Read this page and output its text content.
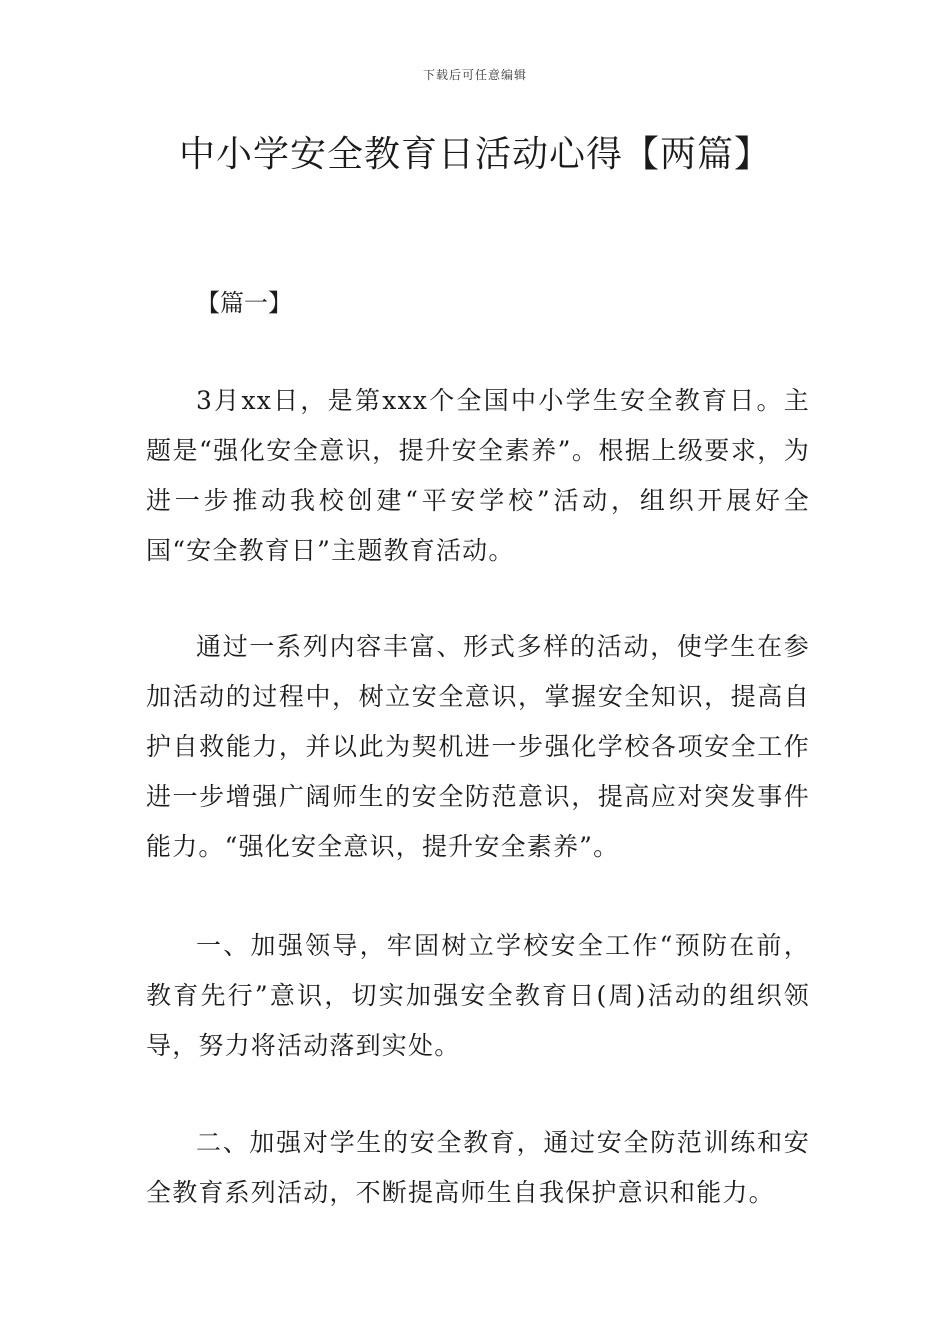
下载后可任意编辑
中小学安全教育日活动心得【两篇】
【篇一】

3月xx日，是第xxx个全国中小学生安全教育日。主题是“强化安全意识，提升安全素养”。根据上级要求，为进一步推动我校创建“平安学校”活动，组织开展好全国“安全教育日”主题教育活动。

通过一系列内容丰富、形式多样的活动，使学生在参加活动的过程中，树立安全意识，掌握安全知识，提高自护自救能力，并以此为契机进一步强化学校各项安全工作进一步增强广阔师生的安全防范意识，提高应对突发事件能力。“强化安全意识，提升安全素养”。

一、加强领导，牢固树立学校安全工作“预防在前，教育先行”意识，切实加强安全教育日(周)活动的组织领导，努力将活动落到实处。

二、加强对学生的安全教育，通过安全防范训练和安全教育系列活动，不断提高师生自我保护意识和能力。
